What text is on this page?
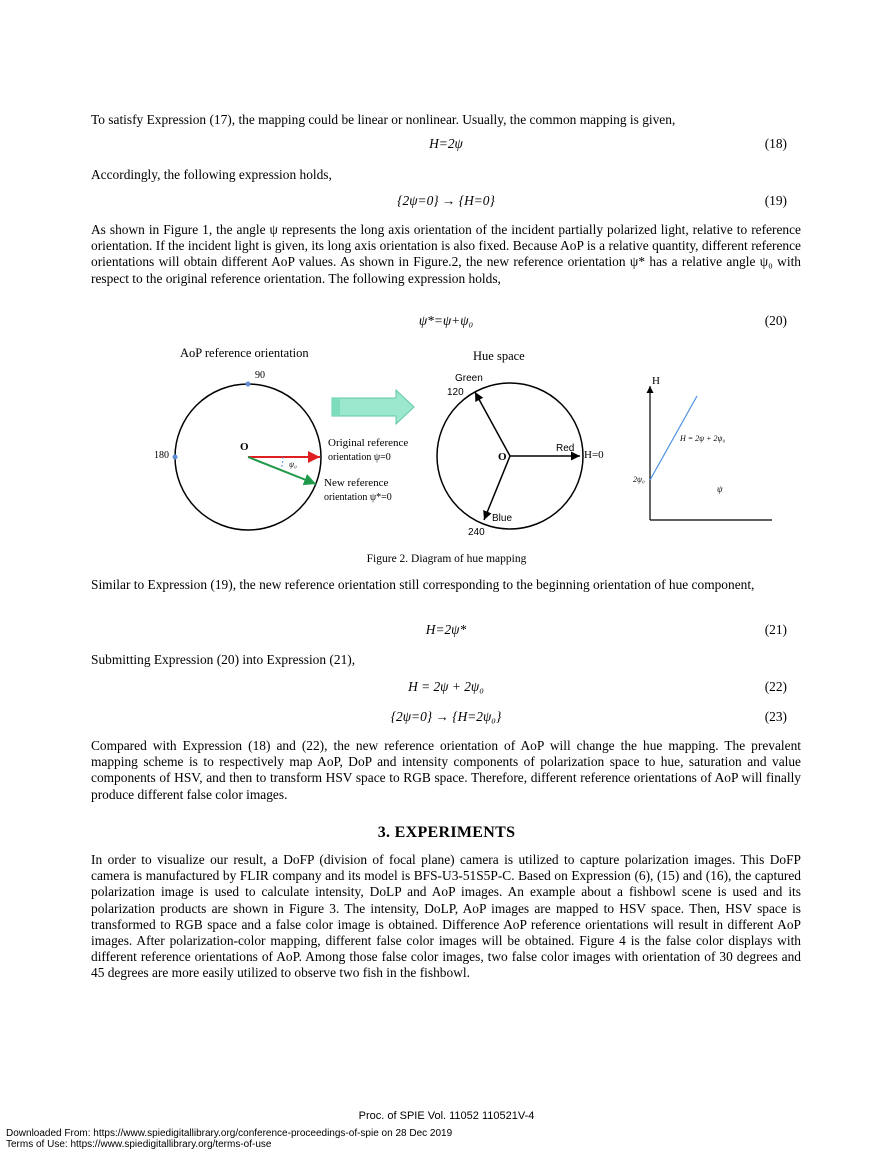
To satisfy Expression (17), the mapping could be linear or nonlinear. Usually, the common mapping is given,
H=2ψ	(18)
Accordingly, the following expression holds,
{2ψ=0} → {H=0}	(19)
As shown in Figure 1, the angle ψ represents the long axis orientation of the incident partially polarized light, relative to reference orientation. If the incident light is given, its long axis orientation is also fixed. Because AoP is a relative quantity, different reference orientations will obtain different AoP values. As shown in Figure.2, the new reference orientation ψ* has a relative angle ψ₀ with respect to the original reference orientation. The following expression holds,
ψ*=ψ+ψ₀	(20)
AoP reference orientation
90
180
O
ψ₀
Original reference
orientation ψ=0
New reference
orientation ψ*=0
Hue space
O
Green
120
Red
H=0
Blue
240
H
H = 2ψ + 2ψ₀
2ψ₀
ψ
Figure 2. Diagram of hue mapping
Similar to Expression (19), the new reference orientation still corresponding to the beginning orientation of hue component,
H=2ψ*	(21)
Submitting Expression (20) into Expression (21),
H = 2ψ + 2ψ₀	(22)
{2ψ=0} → {H=2ψ₀}	(23)
Compared with Expression (18) and (22), the new reference orientation of AoP will change the hue mapping. The prevalent mapping scheme is to respectively map AoP, DoP and intensity components of polarization space to hue, saturation and value components of HSV, and then to transform HSV space to RGB space. Therefore, different reference orientations of AoP will finally produce different false color images.
3. EXPERIMENTS
In order to visualize our result, a DoFP (division of focal plane) camera is utilized to capture polarization images. This DoFP camera is manufactured by FLIR company and its model is BFS-U3-51S5P-C. Based on Expression (6), (15) and (16), the captured polarization image is used to calculate intensity, DoLP and AoP images. An example about a fishbowl scene is used and its polarization products are shown in Figure 3. The intensity, DoLP, AoP images are mapped to HSV space. Then, HSV space is transformed to RGB space and a false color image is obtained. Difference AoP reference orientations will result in different AoP images. After polarization-color mapping, different false color images will be obtained. Figure 4 is the false color displays with different reference orientations of AoP. Among those false color images, two false color images with orientation of 30 degrees and 45 degrees are more easily utilized to observe two fish in the fishbowl.
Proc. of SPIE Vol. 11052 110521V-4
Downloaded From: https://www.spiedigitallibrary.org/conference-proceedings-of-spie on 28 Dec 2019
Terms of Use: https://www.spiedigitallibrary.org/terms-of-use
